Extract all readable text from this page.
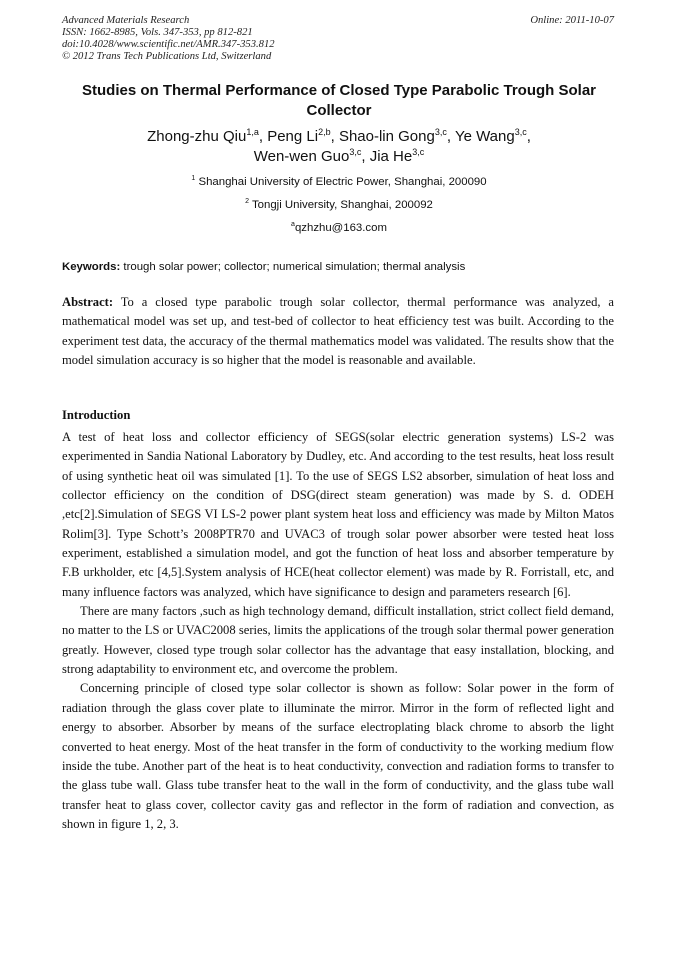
Advanced Materials Research
ISSN: 1662-8985, Vols. 347-353, pp 812-821
doi:10.4028/www.scientific.net/AMR.347-353.812
© 2012 Trans Tech Publications Ltd, Switzerland
Online: 2011-10-07
Studies on Thermal Performance of Closed Type Parabolic Trough Solar Collector
Zhong-zhu Qiu$^{1,a}$, Peng Li$^{2,b}$, Shao-lin Gong$^{3,c}$, Ye Wang$^{3,c}$,
Wen-wen Guo$^{3,c}$, Jia He$^{3,c}$
$^1$ Shanghai University of Electric Power, Shanghai, 200090
$^2$ Tongji University, Shanghai, 200092
$^a$qzhzhu@163.com
Keywords: trough solar power; collector; numerical simulation; thermal analysis
Abstract: To a closed type parabolic trough solar collector, thermal performance was analyzed, a mathematical model was set up, and test-bed of collector to heat efficiency test was built. According to the experiment test data, the accuracy of the thermal mathematics model was validated. The results show that the model simulation accuracy is so higher that the model is reasonable and available.
Introduction

A test of heat loss and collector efficiency of SEGS(solar electric generation systems) LS-2 was experimented in Sandia National Laboratory by Dudley, etc. And according to the test results, heat loss result of using synthetic heat oil was simulated [1]. To the use of SEGS LS2 absorber, simulation of heat loss and collector efficiency on the condition of DSG(direct steam generation) was made by S. d. ODEH ,etc[2].Simulation of SEGS VI LS-2 power plant system heat loss and efficiency was made by Milton Matos Rolim[3]. Type Schott’s 2008PTR70 and UVAC3 of trough solar power absorber were tested heat loss experiment, established a simulation model, and got the function of heat loss and absorber temperature by F.B urkholder, etc [4,5].System analysis of HCE(heat collector element) was made by R. Forristall, etc, and many influence factors was analyzed, which have significance to design and parameters research [6].

There are many factors ,such as high technology demand, difficult installation, strict collect field demand, no matter to the LS or UVAC2008 series, limits the applications of the trough solar thermal power generation greatly. However, closed type trough solar collector has the advantage that easy installation, blocking, and strong adaptability to environment etc, and overcome the problem.

Concerning principle of closed type solar collector is shown as follow: Solar power in the form of radiation through the glass cover plate to illuminate the mirror. Mirror in the form of reflected light and energy to absorber. Absorber by means of the surface electroplating black chrome to absorb the light converted to heat energy. Most of the heat transfer in the form of conductivity to the working medium flow inside the tube. Another part of the heat is to heat conductivity, convection and radiation forms to transfer to the glass tube wall. Glass tube transfer heat to the wall in the form of conductivity, and the glass tube wall transfer heat to glass cover, collector cavity gas and reflector in the form of radiation and convection, as shown in figure 1, 2, 3.
